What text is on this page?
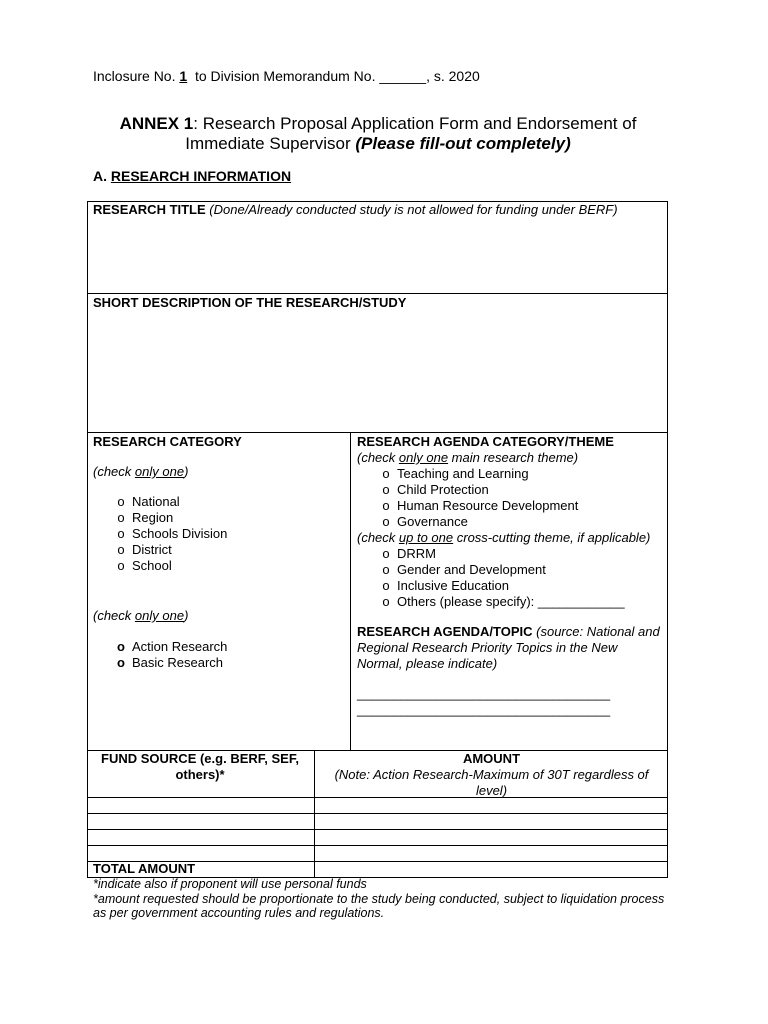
Inclosure No. 1  to Division Memorandum No. ______, s. 2020
ANNEX 1: Research Proposal Application Form and Endorsement of
Immediate Supervisor (Please fill-out completely)
A. RESEARCH INFORMATION
RESEARCH TITLE (Done/Already conducted study is not allowed for funding under BERF)
SHORT DESCRIPTION OF THE RESEARCH/STUDY
RESEARCH CATEGORY
(check only one)
o National
o Region
o Schools Division
o District
o School
(check only one)
o Action Research
o Basic Research
RESEARCH AGENDA CATEGORY/THEME
(check only one main research theme)
o Teaching and Learning
o Child Protection
o Human Resource Development
o Governance
(check up to one cross-cutting theme, if applicable)
o DRRM
o Gender and Development
o Inclusive Education
o Others (please specify): ____________
RESEARCH AGENDA/TOPIC (source: National and Regional Research Priority Topics in the New Normal, please indicate)
___________________________________
___________________________________
FUND SOURCE (e.g. BERF, SEF, others)*
AMOUNT
(Note: Action Research-Maximum of 30T regardless of level)
TOTAL AMOUNT
*indicate also if proponent will use personal funds
*amount requested should be proportionate to the study being conducted, subject to liquidation process as per government accounting rules and regulations.
